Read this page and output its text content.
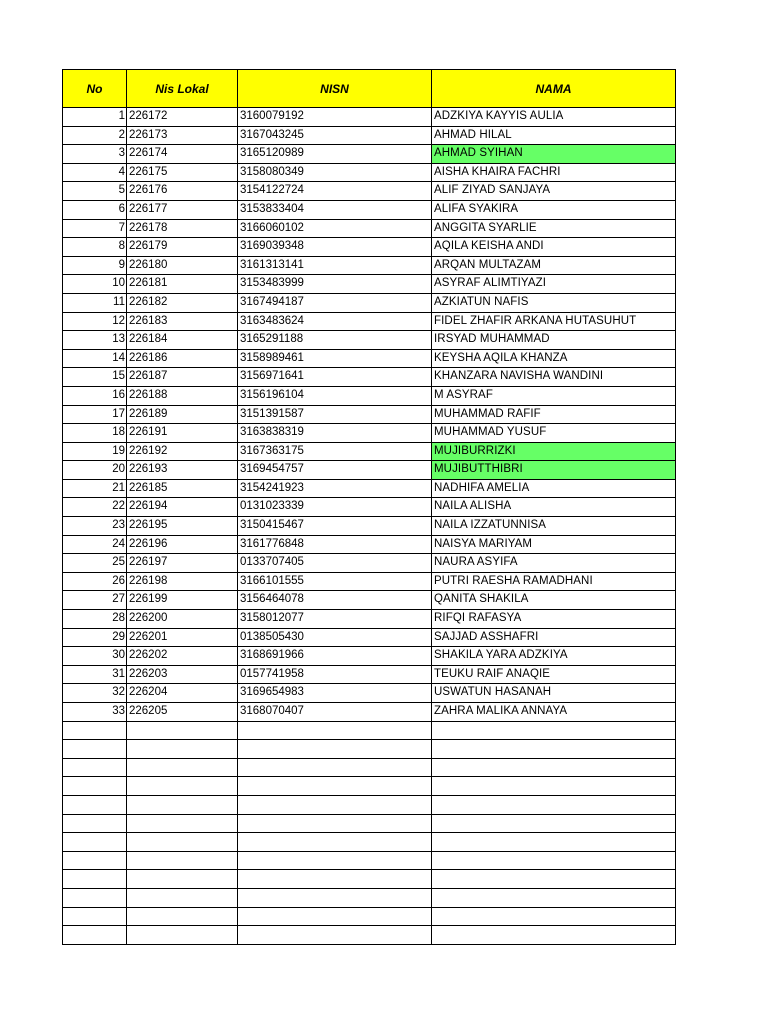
No	Nis Lokal	NISN	NAMA
1	226172	3160079192	ADZKIYA KAYYIS AULIA
2	226173	3167043245	AHMAD HILAL
3	226174	3165120989	AHMAD SYIHAN
4	226175	3158080349	AISHA KHAIRA FACHRI
5	226176	3154122724	ALIF ZIYAD SANJAYA
6	226177	3153833404	ALIFA SYAKIRA
7	226178	3166060102	ANGGITA SYARLIE
8	226179	3169039348	AQILA KEISHA ANDI
9	226180	3161313141	ARQAN MULTAZAM
10	226181	3153483999	ASYRAF ALIMTIYAZI
11	226182	3167494187	AZKIATUN NAFIS
12	226183	3163483624	FIDEL ZHAFIR ARKANA HUTASUHUT
13	226184	3165291188	IRSYAD MUHAMMAD
14	226186	3158989461	KEYSHA AQILA KHANZA
15	226187	3156971641	KHANZARA NAVISHA WANDINI
16	226188	3156196104	M ASYRAF
17	226189	3151391587	MUHAMMAD RAFIF
18	226191	3163838319	MUHAMMAD YUSUF
19	226192	3167363175	MUJIBURRIZKI
20	226193	3169454757	MUJIBUTTHIBRI
21	226185	3154241923	NADHIFA AMELIA
22	226194	0131023339	NAILA ALISHA
23	226195	3150415467	NAILA IZZATUNNISA
24	226196	3161776848	NAISYA MARIYAM
25	226197	0133707405	NAURA ASYIFA
26	226198	3166101555	PUTRI RAESHA RAMADHANI
27	226199	3156464078	QANITA SHAKILA
28	226200	3158012077	RIFQI RAFASYA
29	226201	0138505430	SAJJAD ASSHAFRI
30	226202	3168691966	SHAKILA YARA ADZKIYA
31	226203	0157741958	TEUKU RAIF ANAQIE
32	226204	3169654983	USWATUN HASANAH
33	226205	3168070407	ZAHRA MALIKA ANNAYA
